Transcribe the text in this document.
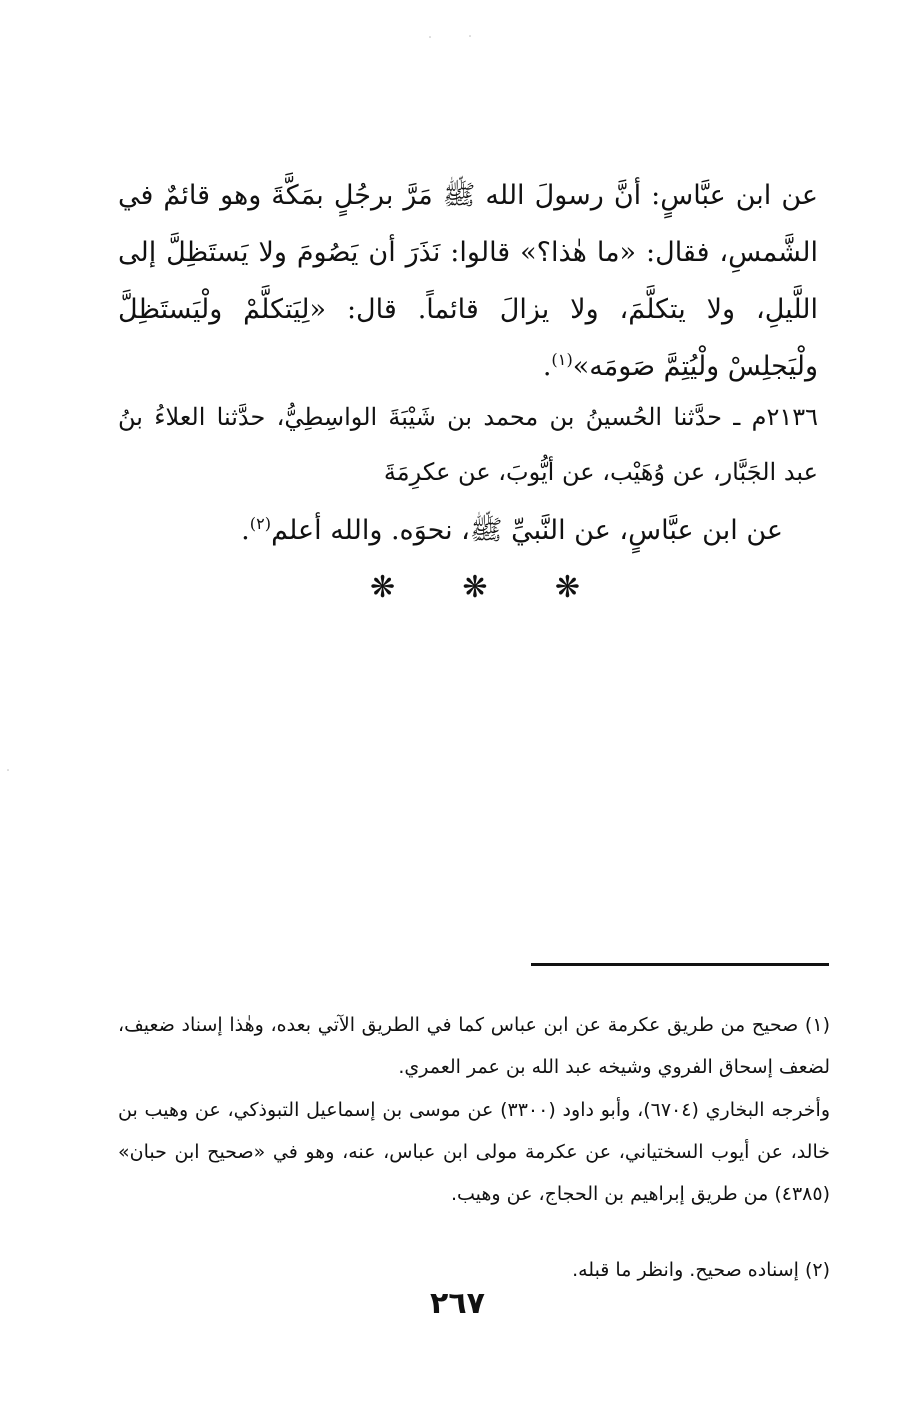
عن ابن عبَّاسٍ: أنَّ رسولَ الله ﷺ مَرَّ برجُلٍ بمَكَّةَ وهو قائمٌ في الشَّمسِ، فقال: «ما هٰذا؟» قالوا: نَذَرَ أن يَصُومَ ولا يَستَظِلَّ إلى اللَّيلِ، ولا يتكلَّمَ، ولا يزالَ قائماً. قال: «لِيَتكلَّمْ ولْيَستَظِلَّ ولْيَجلِسْ ولْيُتِمَّ صَومَه»$^{(١)}$.

٢١٣٦م ـ حدَّثنا الحُسينُ بن محمد بن شَيْبَةَ الواسِطِيُّ، حدَّثنا العلاءُ بنُ عبد الجَبَّار، عن وُهَيْب، عن أيُّوبَ، عن عكرِمَةَ

عن ابن عبَّاسٍ، عن النَّبيِّ ﷺ، نحوَه. والله أعلم$^{(٢)}$.

❋ ❋ ❋

(١) صحيح من طريق عكرمة عن ابن عباس كما في الطريق الآتي بعده، وهٰذا إسناد ضعيف، لضعف إسحاق الفروي وشيخه عبد الله بن عمر العمري.

وأخرجه البخاري (٦٧٠٤)، وأبو داود (٣٣٠٠) عن موسى بن إسماعيل التبوذكي، عن وهيب بن خالد، عن أيوب السختياني، عن عكرمة مولى ابن عباس، عنه، وهو في «صحيح ابن حبان» (٤٣٨٥) من طريق إبراهيم بن الحجاج، عن وهيب.

(٢) إسناده صحيح. وانظر ما قبله.

٢٦٧
